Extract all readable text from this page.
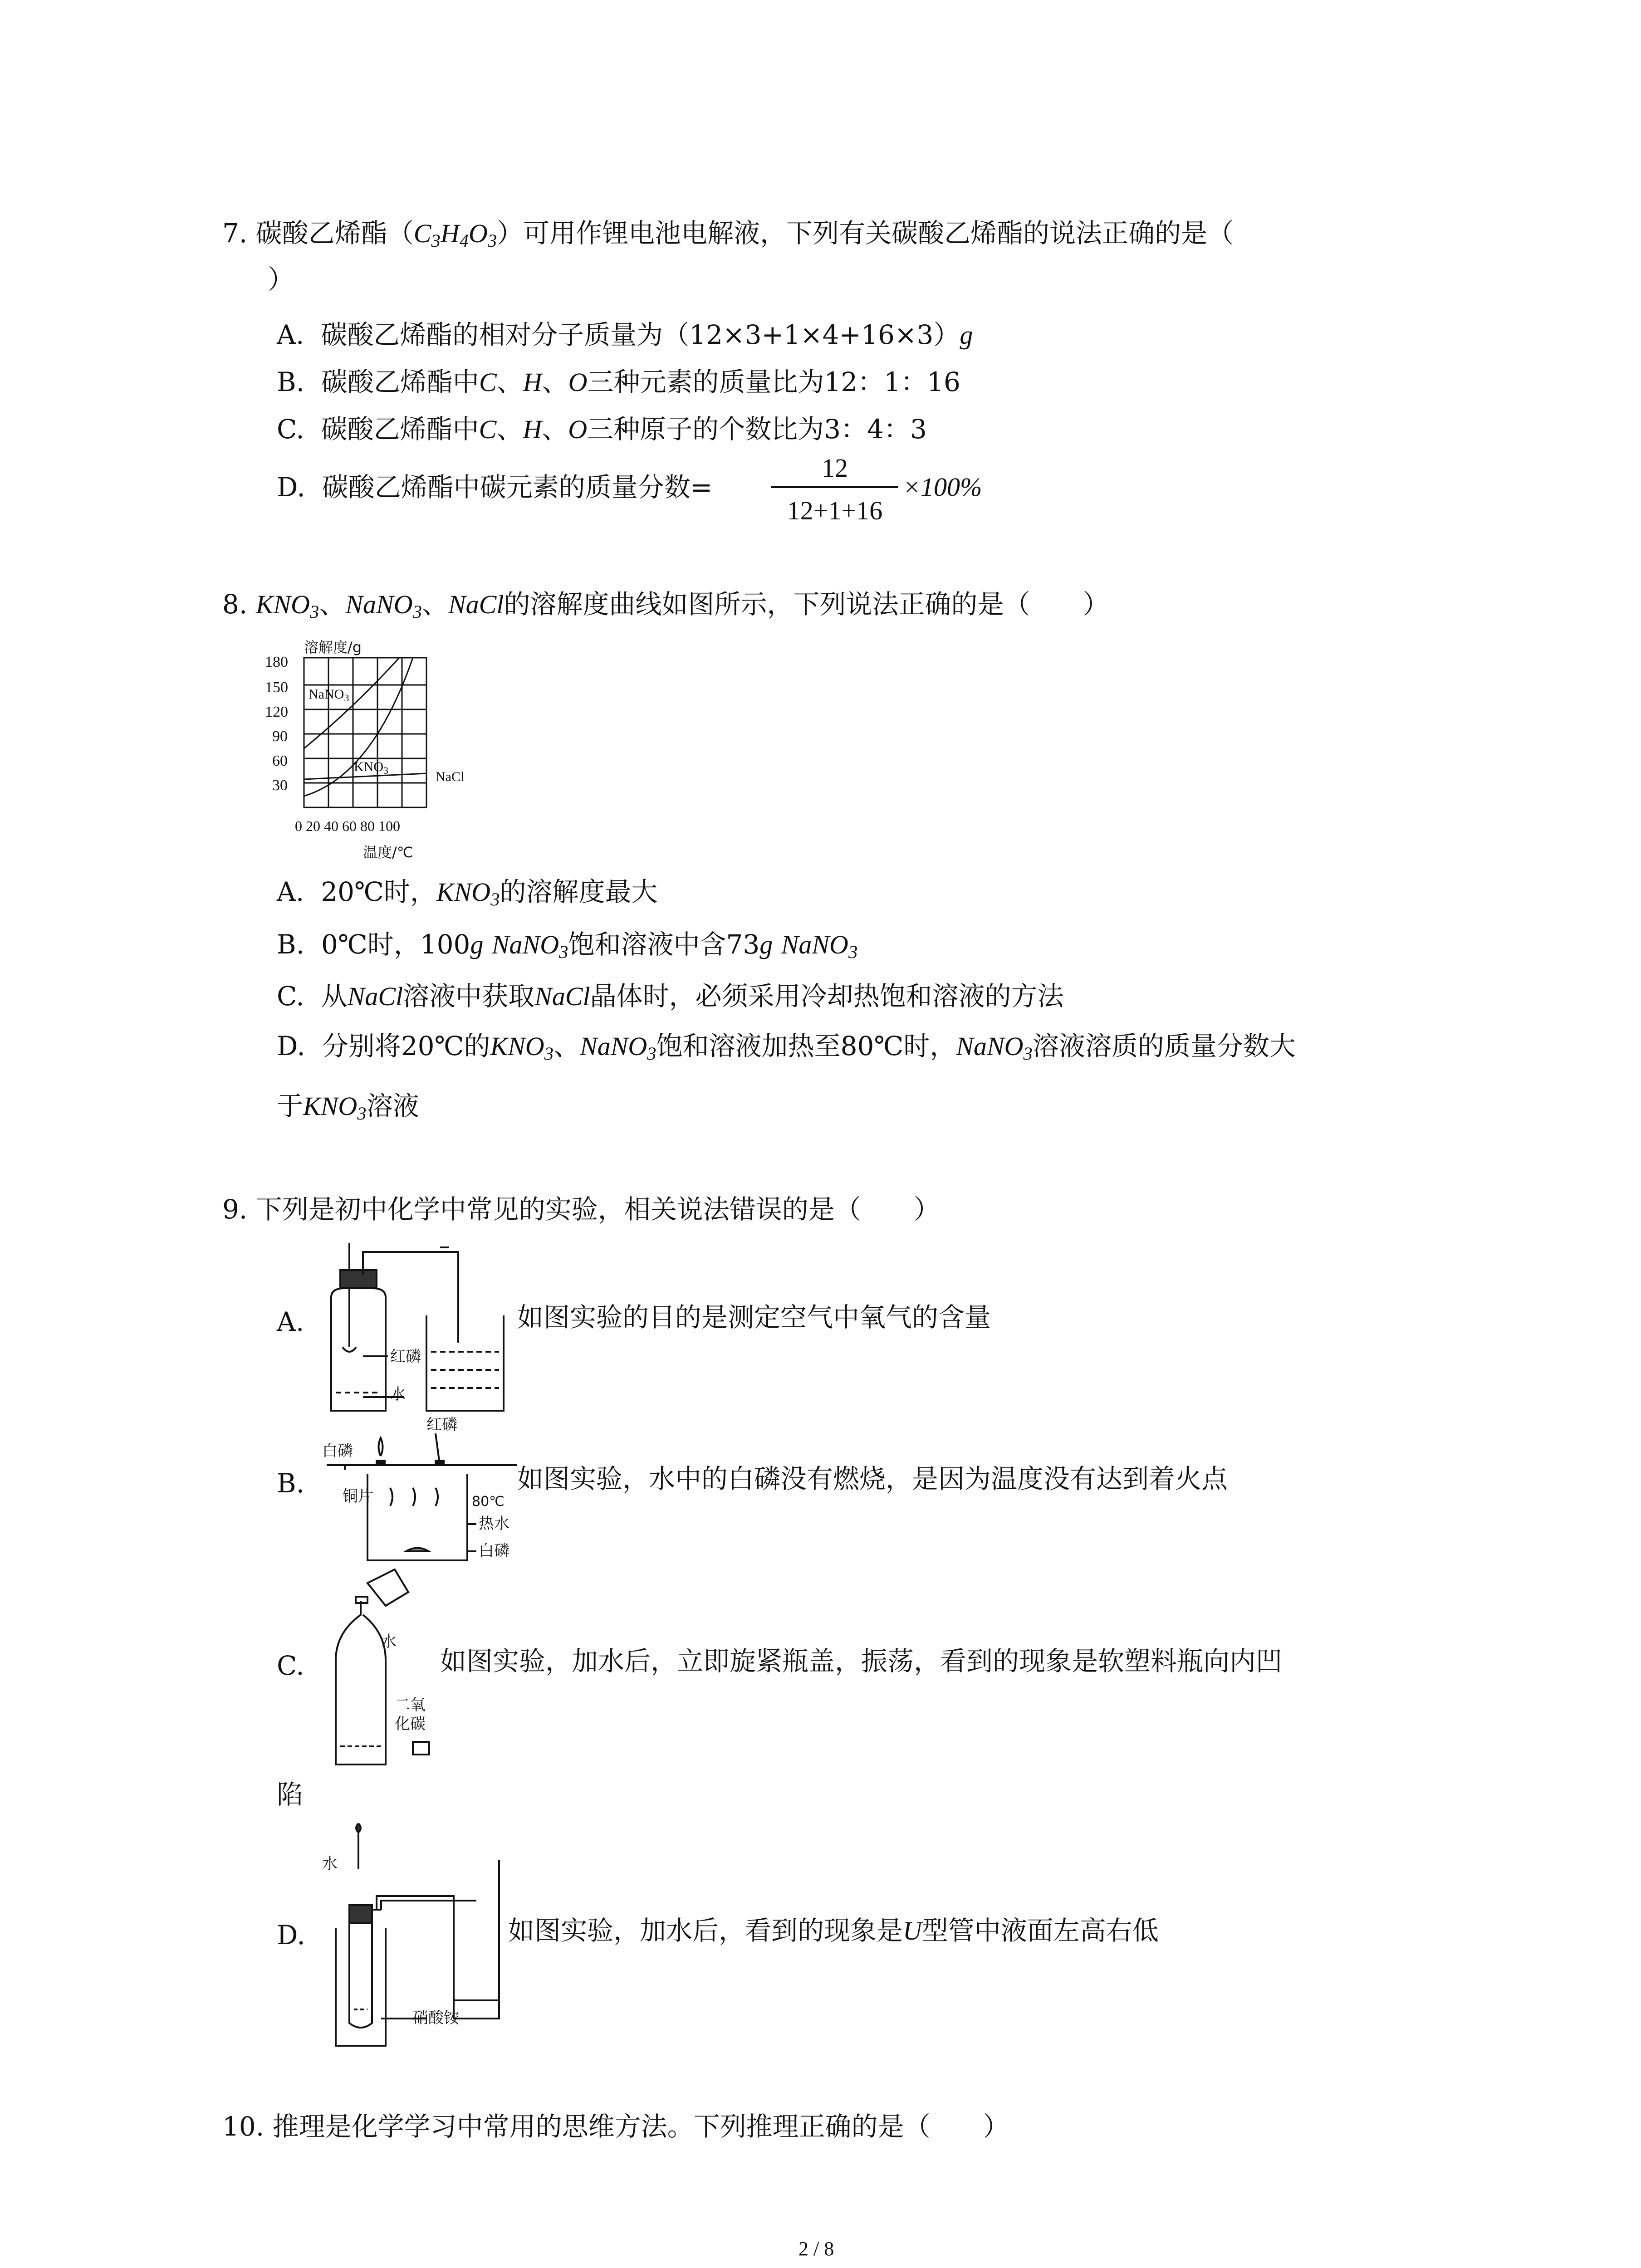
7. 碳酸乙烯酯$(C_3H_4O_3)$可用作锂电池电解液，下列有关碳酸乙烯酯的说法正确的是（
）
A. 碳酸乙烯酯的相对分子质量为（12×3+1×4+16×3）g
B. 碳酸乙烯酯中C、H、O三种元素的质量比为12：1：16
C. 碳酸乙烯酯中C、H、O三种原子的个数比为3：4：3
D. 碳酸乙烯酯中碳元素的质量分数=
12
12+1+16
×100%
8. $KNO_3$、NaNO$_3$、NaCl的溶解度曲线如图所示，下列说法正确的是（　　）
溶解度/g
180
150
120
90
60
30
0 20 40 60 80 100
温度/℃
NaNO$_3$
$KNO_3$	NaCl
A. 20℃时，$KNO_3$的溶解度最大
B. 0℃时，100g NaNO$_3$饱和溶液中含73g NaNO$_3$
C. 从NaCl溶液中获取NaCl晶体时，必须采用冷却热饱和溶液的方法
D. 分别将20℃的$KNO_3$、NaNO$_3$饱和溶液加热至80℃时，NaNO$_3$溶液溶质的质量分数大
于$KNO_3$溶液
9. 下列是初中化学中常见的实验，相关说法错误的是（　　）
A.
红磷
水
如图实验的目的是测定空气中氧气的含量
B.
红磷
白磷
铜片	80℃
热水
白磷
如图实验，水中的白磷没有燃烧，是因为温度没有达到着火点
C.
水
二氧
化碳
如图实验，加水后，立即旋紧瓶盖，振荡，看到的现象是软塑料瓶向内凹
陷
D.
水
硝酸铵
如图实验，加水后，看到的现象是U型管中液面左高右低
10. 推理是化学学习中常用的思维方法。下列推理正确的是（　　）
2 / 8
